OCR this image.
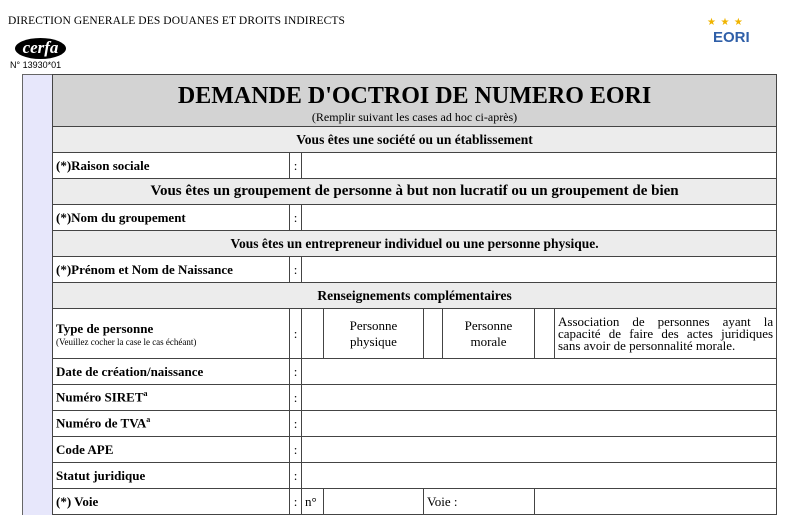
DIRECTION GENERALE DES DOUANES ET DROITS INDIRECTS
cerfa
N° 13930*01
★ ★ ★
EORI
DEMANDE D'OCTROI DE NUMERO EORI
(Remplir suivant les cases ad hoc ci-après)							

Vous êtes une société ou un établissement							
(*)Raison sociale	:						
Vous êtes un groupement de personne à but non lucratif ou un groupement de bien							
(*)Nom du groupement	:						
Vous êtes un entrepreneur individuel ou une personne physique.							
(*)Prénom et Nom de Naissance	:						
Renseignements complémentaires							

Type de personne
(Veuillez cocher la case le cas échéant)	:		Personne physique		Personne morale		Association de personnes ayant la capacité de faire des actes juridiques sans avoir de personnalité morale.
Date de création/naissance	:						
Numéro SIRET$^a$	:						
Numéro de TVA$^a$	:						
Code APE	:						
Statut juridique	:						
(*) Voie	:	n°		Voie :			
